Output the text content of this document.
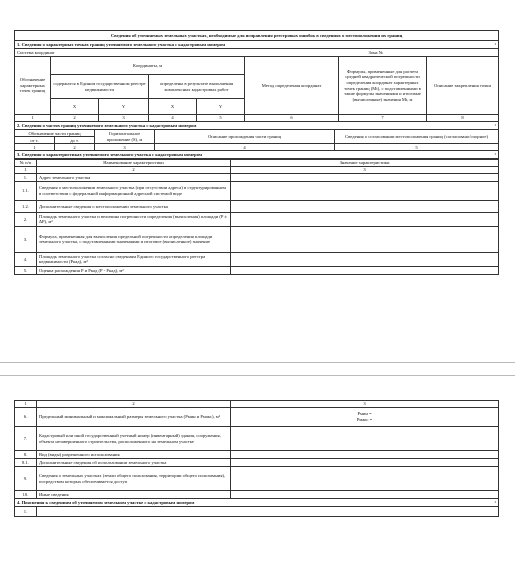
Сведения об уточняемых земельных участках, необходимые для исправления реестровых ошибок в сведениях о местоположении их границ							
1. Сведения о характерных точках границ уточняемого земельного участка с кадастровым номером :							

Система координат						Зона №	
Обозначение характерных точек границ	Координаты, м				Метод определения координат	Формулы, примененные для расчета средней квадратической погрешности определения координат характерных точек границ (Mt), с подставленными в такие формулы значениями и итоговые (вычисленные) значения Mt, м	Описание закрепления точки
	содержатся в Едином государственном реестре недвижимости		определены в результате выполнения комплексных кадастровых работ				
	X	Y	X	Y			
1	2	3	4	5	6	7	8
2. Сведения о частях границ уточняемого земельного участка с кадастровым номером :							
Обозначение части границ		Горизонтальное проложение (S), м	Описание прохождения части границ	Сведения о согласовании местоположения границ (согласовано/спорное)
от т.	до т.			
1	2	3	4	5
3. Сведения о характеристиках уточняемого земельного участка с кадастровым номером :				
№ п/п	Наименование характеристики	Значение характеристики
1	2	3
1.	Адрес земельного участка	
1.1.	Сведения о местоположении земельного участка (при отсутствии адреса) в структурированном в соответствии с федеральной информационной адресной системой виде	
1.2.	Дополнительные сведения о местоположении земельного участка	
2.	Площадь земельного участка и величина погрешности определения (вычисления) площади (P ± ΔP), м²	
3.	Формула, примененная для вычисления предельной погрешности определения площади земельного участка, с подставленными значениями и итоговое (вычисленное) значение	
4.	Площадь земельного участка согласно сведениям Единого государственного реестра недвижимости (Ркад), м²	
5.	Оценка расхождения Р и Ркад (Р - Ркад), м²	
1	2	3
6.	Предельный минимальный и максимальный размеры земельного участка (Рмин и Рмакс), м²	Рмин =
Рмакс =

7.	Кадастровый или иной государственный учетный номер (инвентарный) здания, сооружения, объекта незавершенного строительства, расположенного на земельном участке	
8.	Вид (виды) разрешенного использования	
8.1.	Дополнительные сведения об использовании земельного участка	
9.	Сведения о земельных участках (земли общего пользования, территории общего пользования), посредством которых обеспечивается доступ	
10.	Иные сведения	
4. Пояснения к сведениям об уточняемом земельном участке с кадастровым номером :		

1.		
